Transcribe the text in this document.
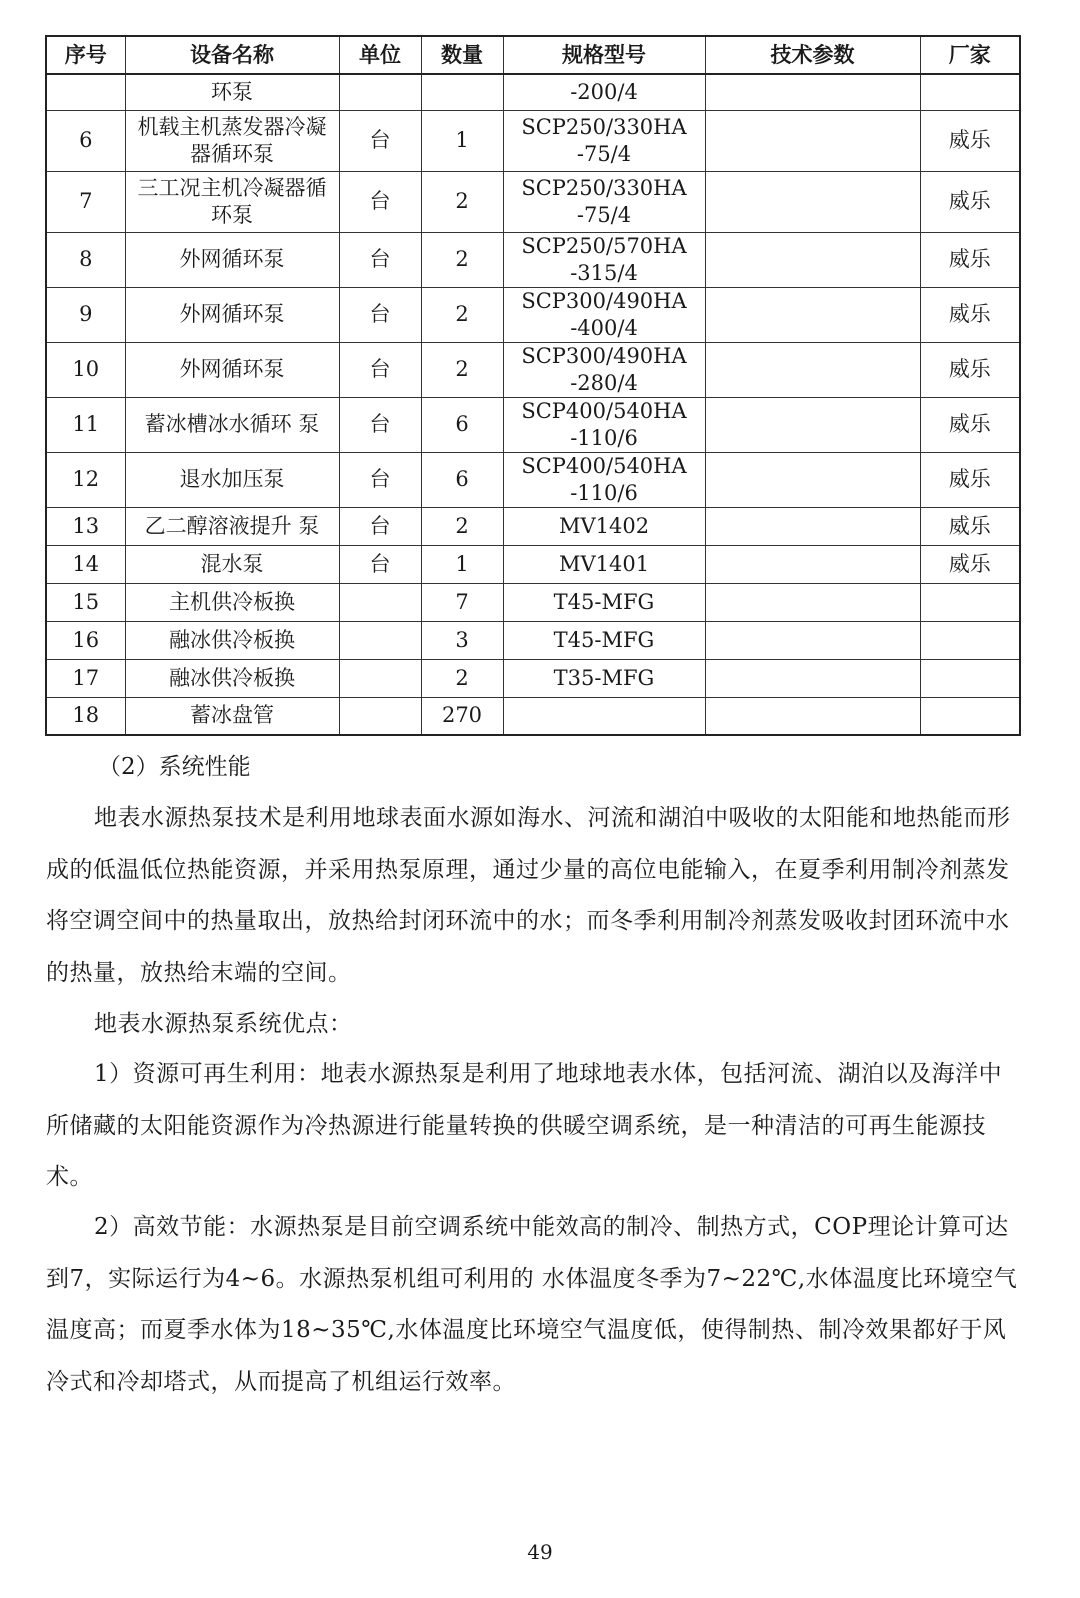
序号	设备名称	单位	数量	规格型号	技术参数	厂家
	环泵			-200/4		
6	机载主机蒸发器冷凝器循环泵	台	1	SCP250/330HA -75/4		威乐
7	三工况主机冷凝器循环泵	台	2	SCP250/330HA -75/4		威乐
8	外网循环泵	台	2	SCP250/570HA -315/4		威乐
9	外网循环泵	台	2	SCP300/490HA -400/4		威乐
10	外网循环泵	台	2	SCP300/490HA -280/4		威乐
11	蓄冰槽冰水循环 泵	台	6	SCP400/540HA -110/6		威乐
12	退水加压泵	台	6	SCP400/540HA -110/6		威乐
13	乙二醇溶液提升 泵	台	2	MV1402		威乐
14	混水泵	台	1	MV1401		威乐
15	主机供冷板换		7	T45-MFG		
16	融冰供冷板换		3	T45-MFG		
17	融冰供冷板换		2	T35-MFG		
18	蓄冰盘管		270			

（2）系统性能

地表水源热泵技术是利用地球表面水源如海水、河流和湖泊中吸收的太阳能和地热能而形成的低温低位热能资源，并采用热泵原理，通过少量的高位电能输入，在夏季利用制冷剂蒸发将空调空间中的热量取出，放热给封闭环流中的水；而冬季利用制冷剂蒸发吸收封团环流中水的热量，放热给末端的空间。

地表水源热泵系统优点：

1）资源可再生利用：地表水源热泵是利用了地球地表水体，包括河流、湖泊以及海洋中所储藏的太阳能资源作为冷热源进行能量转换的供暖空调系统，是一种清洁的可再生能源技术。

2）高效节能：水源热泵是目前空调系统中能效高的制冷、制热方式，COP理论计算可达到7，实际运行为4~6。水源热泵机组可利用的 水体温度冬季为7~22℃,水体温度比环境空气温度高；而夏季水体为18~35℃,水体温度比环境空气温度低，使得制热、制冷效果都好于风冷式和冷却塔式，从而提高了机组运行效率。

49
